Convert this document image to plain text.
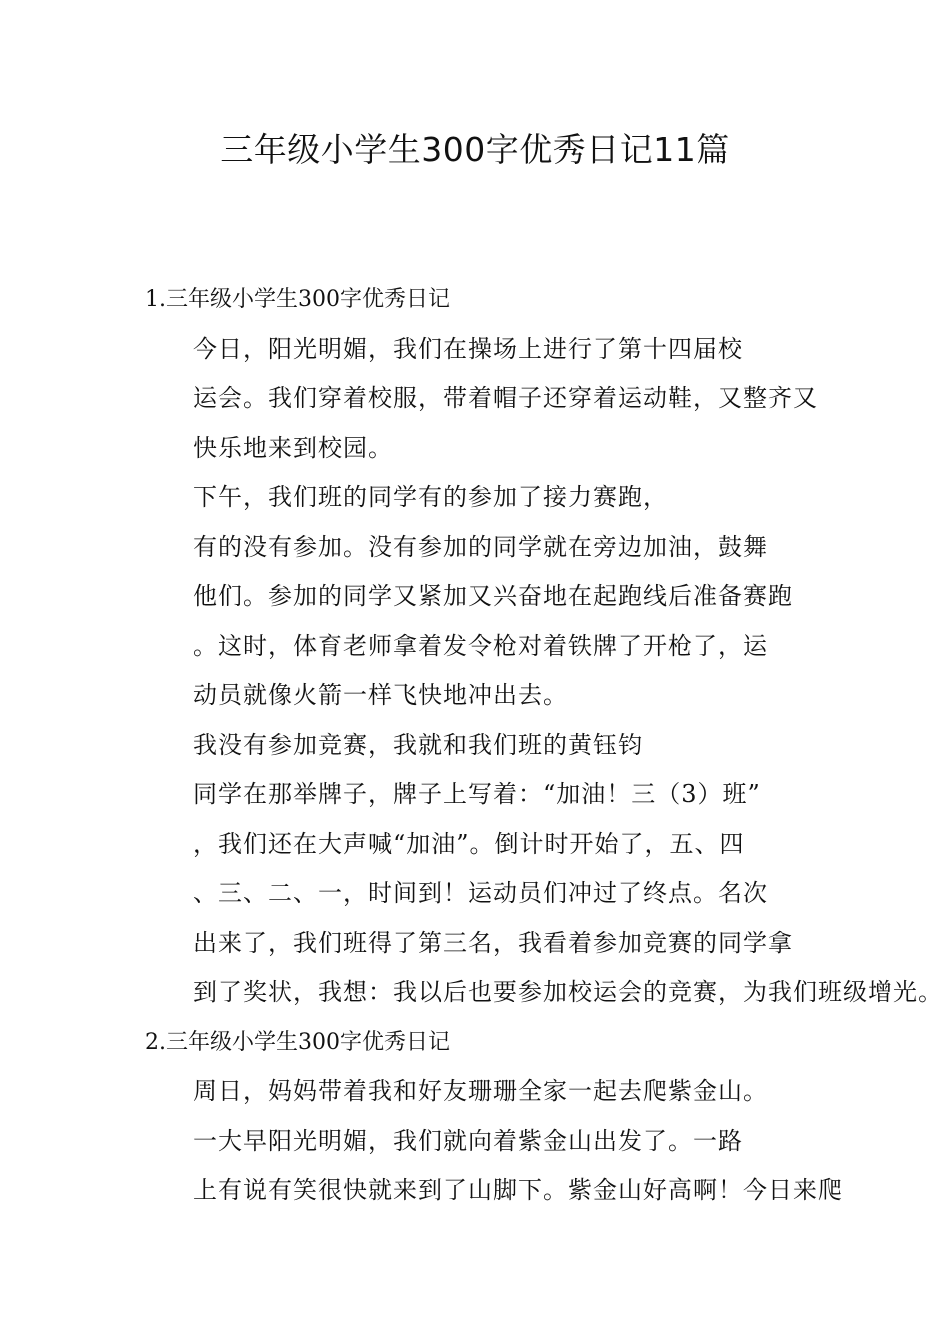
三年级小学生300字优秀日记11篇
1.三年级小学生300字优秀日记

今日，阳光明媚，我们在操场上进行了第十四届校
运会。我们穿着校服，带着帽子还穿着运动鞋，又整齐又
快乐地来到校园。

下午，我们班的同学有的参加了接力赛跑，
有的没有参加。没有参加的同学就在旁边加油，鼓舞
他们。参加的同学又紧加又兴奋地在起跑线后准备赛跑
。这时，体育老师拿着发令枪对着铁牌了开枪了，运
动员就像火箭一样飞快地冲出去。

我没有参加竞赛，我就和我们班的黄钰钧
同学在那举牌子，牌子上写着：“加油！三（3）班”
，我们还在大声喊“加油”。倒计时开始了，五、四
、三、二、一，时间到！运动员们冲过了终点。名次
出来了，我们班得了第三名，我看着参加竞赛的同学拿
到了奖状，我想：我以后也要参加校运会的竞赛，为我们班级增光。

2.三年级小学生300字优秀日记

周日，妈妈带着我和好友珊珊全家一起去爬紫金山。

一大早阳光明媚，我们就向着紫金山出发了。一路
上有说有笑很快就来到了山脚下。紫金山好高啊！今日来爬
